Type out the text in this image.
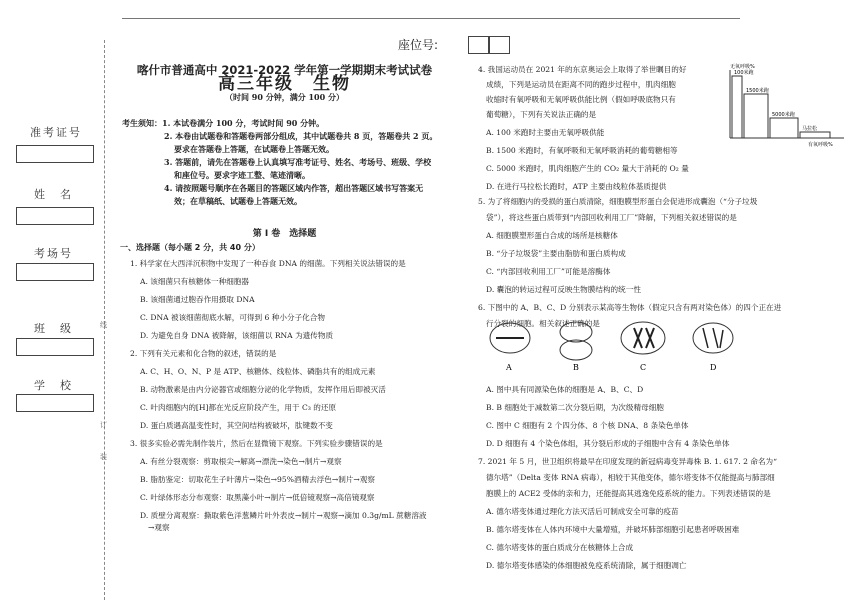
座位号:
准考证号
姓　名
考场号
班　级
学　校
线
订
装
喀什市普通高中 2021-2022 学年第一学期期末考试试卷
高三年级　生物
（时间 90 分钟，满分 100 分）
考生须知：1. 本试卷满分 100 分，考试时间 90 分钟。
2. 本卷由试题卷和答题卷两部分组成，其中试题卷共 8 页，答题卷共 2 页。
要求在答题卷上答题，在试题卷上答题无效。
3. 答题前，请先在答题卷上认真填写准考证号、姓名、考场号、班级、学校
和座位号。要求字迹工整、笔迹清晰。
4. 请按照题号顺序在各题目的答题区域内作答，超出答题区域书写答案无
效；在草稿纸、试题卷上答题无效。
第 Ⅰ 卷　选择题
一、选择题（每小题 2 分，共 40 分）
1. 科学家在大西洋沉积物中发现了一种吞食 DNA 的细菌。下列相关说法错误的是
A. 该细菌只有核糖体一种细胞器
B. 该细菌通过胞吞作用摄取 DNA
C. DNA 被该细菌彻底水解，可得到 6 种小分子化合物
D. 为避免自身 DNA 被降解，该细菌以 RNA 为遗传物质
2. 下列有关元素和化合物的叙述，错误的是
A. C、H、O、N、P 是 ATP、核糖体、线粒体、磷脂共有的组成元素
B. 动物激素是由内分泌器官或细胞分泌的化学物质，发挥作用后即被灭活
C. 叶肉细胞内的[H]都在光反应阶段产生，用于 C₃ 的还原
D. 蛋白质遇高温变性时，其空间结构被破坏，肽键数不变
3. 很多实验必需先制作装片，然后在显微镜下观察。下列实验步骤错误的是
A. 有丝分裂观察：剪取根尖→解离→漂洗→染色→制片→观察
B. 脂肪鉴定：切取花生子叶薄片→染色→95%酒精去浮色→制片→观察
C. 叶绿体形态分布观察：取黑藻小叶→制片→低倍镜观察→高倍镜观察
D. 质壁分离观察：撕取紫色洋葱鳞片叶外表皮→制片→观察→滴加 0.3g/mL 蔗糖溶液
→观察
4. 我国运动员在 2021 年的东京奥运会上取得了举世瞩目的好
成绩，下列是运动员在距离不同的跑步过程中，肌肉细胞
收缩时有氧呼吸和无氧呼吸供能比例（假如呼吸底物只有
葡萄糖），下列有关说法正确的是
A. 100 米跑时主要由无氧呼吸供能
B. 1500 米跑时，有氧呼吸和无氧呼吸消耗的葡萄糖相等
C. 5000 米跑时，肌肉细胞产生的 CO₂ 量大于消耗的 O₂ 量
D. 在进行马拉松长跑时，ATP 主要由线粒体基质提供
无氧呼吸%
有氧呼吸%
100米跑
1500米跑
5000米跑
马拉松
5. 为了将细胞内的受损的蛋白质清除，细胞膜型形蛋白会促进形成囊泡（“分子垃圾
袋”），将这些蛋白质带到“内部回收利用工厂”降解，下列相关叙述错误的是
A. 细胞膜塑形蛋白合成的场所是核糖体
B. “分子垃圾袋”主要由脂肪和蛋白质构成
C. “内部回收利用工厂”可能是溶酶体
D. 囊泡的转运过程可反映生物膜结构的统一性
6. 下图中的 A、B、C、D 分别表示某高等生物体（假定只含有两对染色体）的四个正在进
行分裂的细胞。相关叙述正确的是
A	B	C	D
A. 图中具有同源染色体的细胞是 A、B、C、D
B. B 细胞处于减数第二次分裂后期，为次级精母细胞
C. 图中 C 细胞有 2 个四分体、8 个核 DNA、8 条染色单体
D. D 细胞有 4 个染色体组，其分裂后形成的子细胞中含有 4 条染色单体
7. 2021 年 5 月，世卫组织将最早在印度发现的新冠病毒变异毒株 B. 1. 617. 2 命名为“
德尔塔”（Delta 变体 RNA 病毒），相较于其他变体，德尔塔变体不仅能提高与肺部细
胞膜上的 ACE2 受体的亲和力，还能提高其逃逸免疫系统的能力。下列表述错误的是
A. 德尔塔变体通过理化方法灭活后可制成安全可靠的疫苗
B. 德尔塔变体在人体内环境中大量增殖，并破坏肺部细胞引起患者呼吸困难
C. 德尔塔变体的蛋白质成分在核糖体上合成
D. 德尔塔变体感染的体细胞被免疫系统清除，属于细胞凋亡
